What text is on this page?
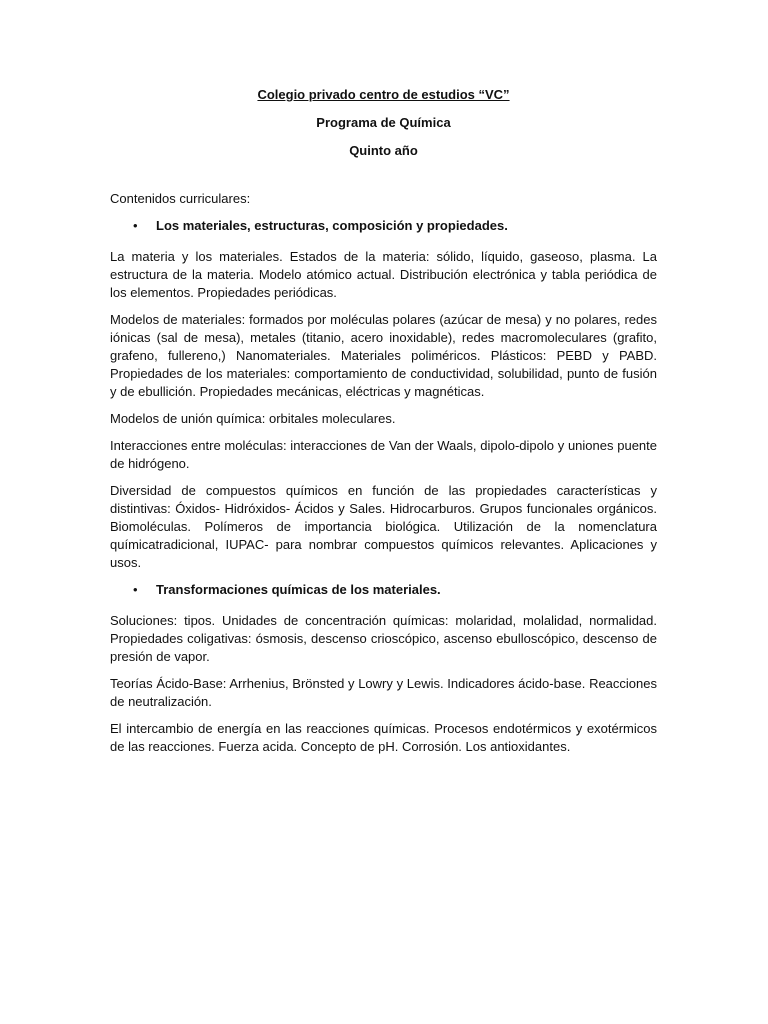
Colegio privado centro de estudios “VC”

Programa de Química

Quinto año

Contenidos curriculares:

• Los materiales, estructuras, composición y propiedades.

La materia y los materiales. Estados de la materia: sólido, líquido, gaseoso, plasma. La estructura de la materia. Modelo atómico actual. Distribución electrónica y tabla periódica de los elementos. Propiedades periódicas.

Modelos de materiales: formados por moléculas polares (azúcar de mesa) y no polares, redes iónicas (sal de mesa), metales (titanio, acero inoxidable), redes macromoleculares (grafito, grafeno, fullereno,) Nanomateriales. Materiales poliméricos. Plásticos: PEBD y PABD. Propiedades de los materiales: comportamiento de conductividad, solubilidad, punto de fusión y de ebullición. Propiedades mecánicas, eléctricas y magnéticas.

Modelos de unión química: orbitales moleculares.

Interacciones entre moléculas: interacciones de Van der Waals, dipolo-dipolo y uniones puente de hidrógeno.

Diversidad de compuestos químicos en función de las propiedades características y distintivas: Óxidos- Hidróxidos- Ácidos y Sales. Hidrocarburos. Grupos funcionales orgánicos. Biomoléculas. Polímeros de importancia biológica. Utilización de la nomenclatura químicatradicional, IUPAC- para nombrar compuestos químicos relevantes. Aplicaciones y usos.

• Transformaciones químicas de los materiales.

Soluciones: tipos. Unidades de concentración químicas: molaridad, molalidad, normalidad. Propiedades coligativas: ósmosis, descenso crioscópico, ascenso ebulloscópico, descenso de presión de vapor.

Teorías Ácido-Base: Arrhenius, Brönsted y Lowry y Lewis. Indicadores ácido-base. Reacciones de neutralización.

El intercambio de energía en las reacciones químicas. Procesos endotérmicos y exotérmicos de las reacciones. Fuerza acida. Concepto de pH. Corrosión. Los antioxidantes.
